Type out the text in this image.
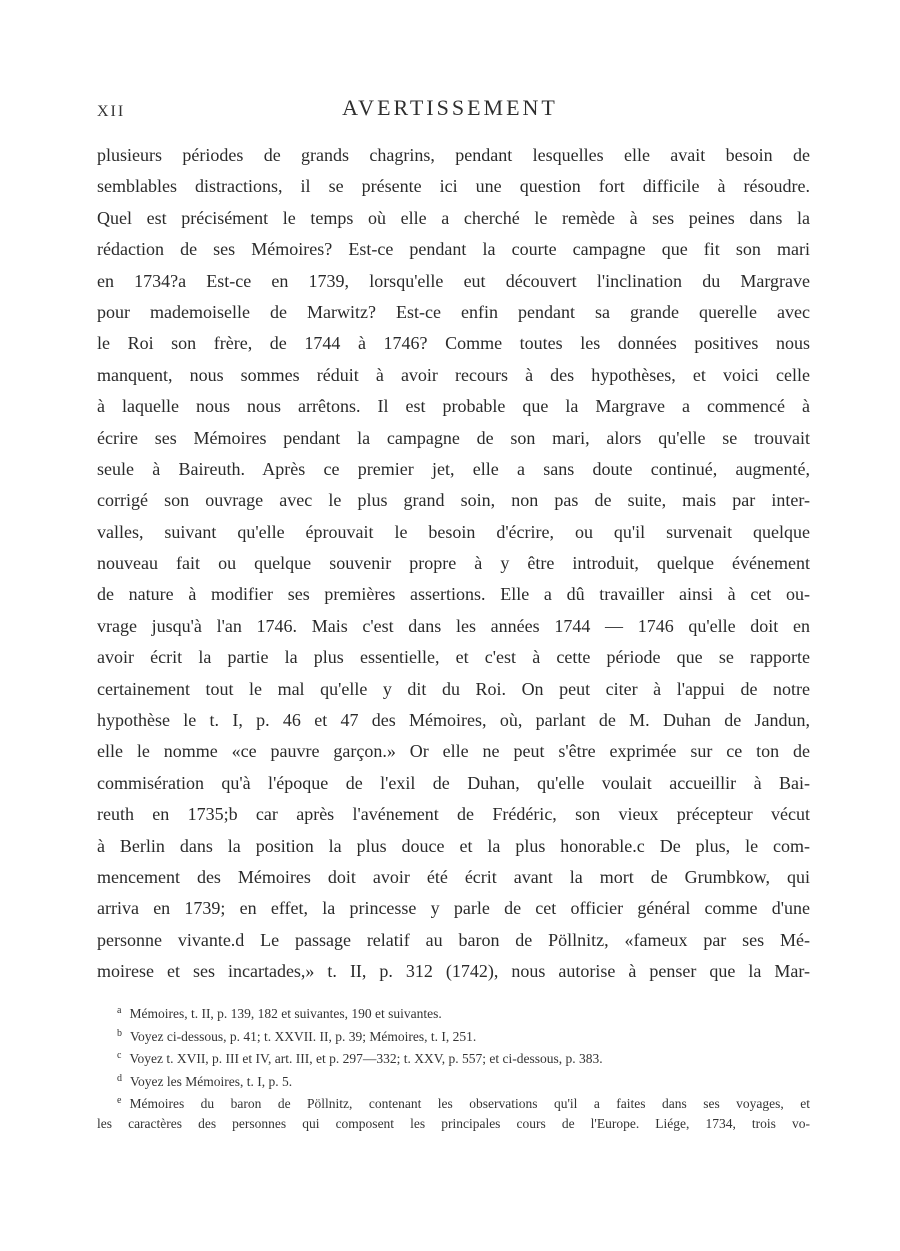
XII	AVERTISSEMENT
plusieurs périodes de grands chagrins, pendant lesquelles elle avait besoin de
semblables distractions, il se présente ici une question fort difficile à résoudre.
Quel est précisément le temps où elle a cherché le remède à ses peines dans la
rédaction de ses Mémoires? Est-ce pendant la courte campagne que fit son mari
en 1734?a Est-ce en 1739, lorsqu'elle eut découvert l'inclination du Margrave
pour mademoiselle de Marwitz? Est-ce enfin pendant sa grande querelle avec
le Roi son frère, de 1744 à 1746? Comme toutes les données positives nous
manquent, nous sommes réduit à avoir recours à des hypothèses, et voici celle
à laquelle nous nous arrêtons. Il est probable que la Margrave a commencé à
écrire ses Mémoires pendant la campagne de son mari, alors qu'elle se trouvait
seule à Baireuth. Après ce premier jet, elle a sans doute continué, augmenté,
corrigé son ouvrage avec le plus grand soin, non pas de suite, mais par inter-
valles, suivant qu'elle éprouvait le besoin d'écrire, ou qu'il survenait quelque
nouveau fait ou quelque souvenir propre à y être introduit, quelque événement
de nature à modifier ses premières assertions. Elle a dû travailler ainsi à cet ou-
vrage jusqu'à l'an 1746. Mais c'est dans les années 1744 — 1746 qu'elle doit en
avoir écrit la partie la plus essentielle, et c'est à cette période que se rapporte
certainement tout le mal qu'elle y dit du Roi. On peut citer à l'appui de notre
hypothèse le t. I, p. 46 et 47 des Mémoires, où, parlant de M. Duhan de Jandun,
elle le nomme «ce pauvre garçon.» Or elle ne peut s'être exprimée sur ce ton de
commisération qu'à l'époque de l'exil de Duhan, qu'elle voulait accueillir à Bai-
reuth en 1735;b car après l'avénement de Frédéric, son vieux précepteur vécut
à Berlin dans la position la plus douce et la plus honorable.c De plus, le com-
mencement des Mémoires doit avoir été écrit avant la mort de Grumbkow, qui
arriva en 1739; en effet, la princesse y parle de cet officier général comme d'une
personne vivante.d Le passage relatif au baron de Pöllnitz, «fameux par ses Mé-
moirese et ses incartades,» t. II, p. 312 (1742), nous autorise à penser que la Mar-
$^a$ Mémoires, t. II, p. 139, 182 et suivantes, 190 et suivantes.
$^b$ Voyez ci-dessous, p. 41; t. XXVII. II, p. 39; Mémoires, t. I, 251.
$^c$ Voyez t. XVII, p. III et IV, art. III, et p. 297—332; t. XXV, p. 557; et ci-dessous, p. 383.
$^d$ Voyez les Mémoires, t. I, p. 5.
$^e$ Mémoires du baron de Pöllnitz, contenant les observations qu'il a faites dans ses voyages, et
les caractères des personnes qui composent les principales cours de l'Europe. Liége, 1734, trois vo-
